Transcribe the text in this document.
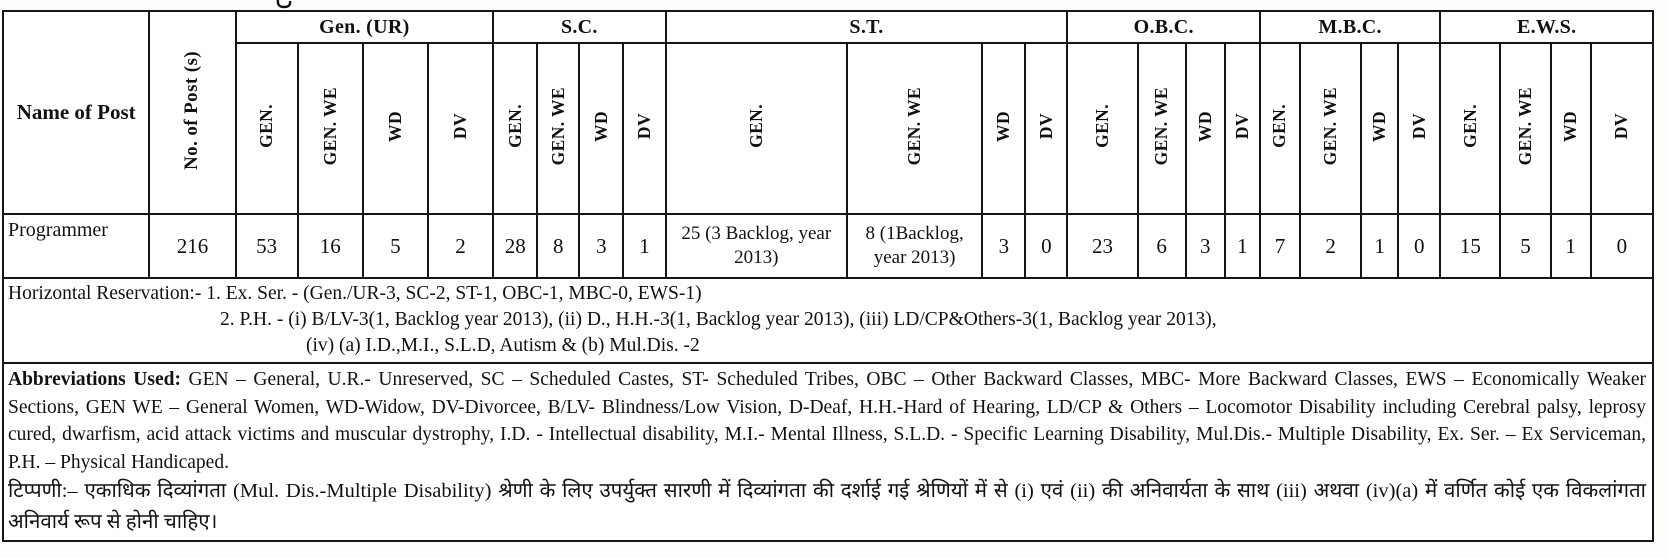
Name of Post	No. of Post (s)	Gen. (UR)				S.C.				S.T.				O.B.C.				M.B.C.				E.W.S.			
		GEN.	GEN. WE	WD	DV	GEN.	GEN. WE	WD	DV	GEN.	GEN. WE	WD	DV	GEN.	GEN. WE	WD	DV	GEN.	GEN. WE	WD	DV	GEN.	GEN. WE	WD	DV
Programmer	216	53	16	5	2	28	8	3	1	25 (3 Backlog, year 2013)	8 (1Backlog, year 2013)	3	0	23	6	3	1	7	2	1	0	15	5	1	0

Horizontal Reservation:- 1. Ex. Ser. - (Gen./UR-3, SC-2, ST-1, OBC-1, MBC-0, EWS-1)
2. P.H. - (i) B/LV-3(1, Backlog year 2013), (ii) D., H.H.-3(1, Backlog year 2013), (iii) LD/CP&Others-3(1, Backlog year 2013),
(iv) (a) I.D.,M.I., S.L.D, Autism & (b) Mul.Dis. -2																									

Abbreviations Used: GEN – General, U.R.- Unreserved, SC – Scheduled Castes, ST- Scheduled Tribes, OBC – Other Backward Classes, MBC- More Backward Classes, EWS – Economically Weaker Sections, GEN WE – General Women, WD-Widow, DV-Divorcee, B/LV- Blindness/Low Vision, D-Deaf, H.H.-Hard of Hearing, LD/CP & Others – Locomotor Disability including Cerebral palsy, leprosy cured, dwarfism, acid attack victims and muscular dystrophy, I.D. - Intellectual disability, M.I.- Mental Illness, S.L.D. - Specific Learning Disability, Mul.Dis.- Multiple Disability, Ex. Ser. – Ex Serviceman, P.H. – Physical Handicaped.
टिप्पणी:– एकाधिक दिव्यांगता (Mul. Dis.-Multiple Disability) श्रेणी के लिए उपर्युक्त सारणी में दिव्यांगता की दर्शाई गई श्रेणियों में से (i) एवं (ii) की अनिवार्यता के साथ (iii) अथवा (iv)(a) में वर्णित कोई एक विकलांगता अनिवार्य रूप से होनी चाहिए।																									
